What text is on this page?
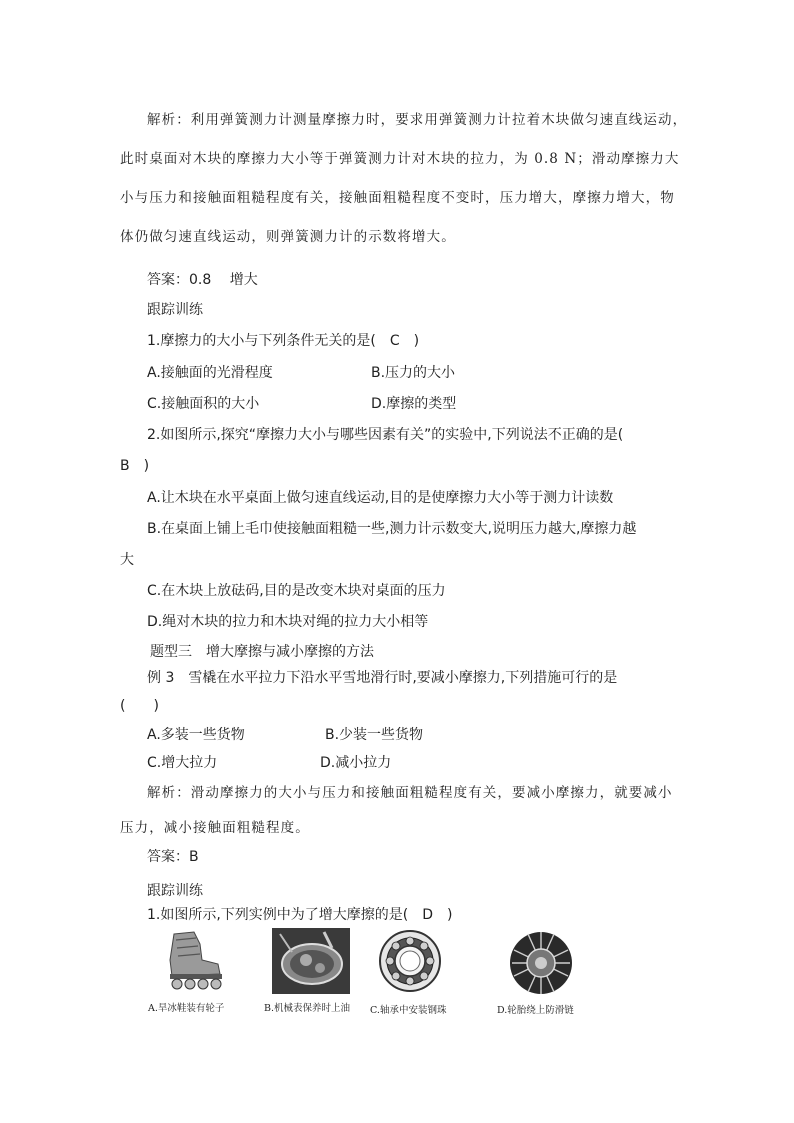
解析：利用弹簧测力计测量摩擦力时，要求用弹簧测力计拉着木块做匀速直线运动，
此时桌面对木块的摩擦力大小等于弹簧测力计对木块的拉力，为 0.8 N；滑动摩擦力大
小与压力和接触面粗糙程度有关，接触面粗糙程度不变时，压力增大，摩擦力增大，物
体仍做匀速直线运动，则弹簧测力计的示数将增大。
答案：0.8　 增大
跟踪训练
1.摩擦力的大小与下列条件无关的是(　C　)
A.接触面的光滑程度	B.压力的大小
C.接触面积的大小	D.摩擦的类型
2.如图所示,探究“摩擦力大小与哪些因素有关”的实验中,下列说法不正确的是(
B　)
A.让木块在水平桌面上做匀速直线运动,目的是使摩擦力大小等于测力计读数
B.在桌面上铺上毛巾使接触面粗糙一些,测力计示数变大,说明压力越大,摩擦力越
大
C.在木块上放砝码,目的是改变木块对桌面的压力
D.绳对木块的拉力和木块对绳的拉力大小相等
题型三　增大摩擦与减小摩擦的方法
例 3　雪橇在水平拉力下沿水平雪地滑行时,要减小摩擦力,下列措施可行的是
(　　)
A.多装一些货物	B.少装一些货物
C.增大拉力	D.减小拉力
解析：滑动摩擦力的大小与压力和接触面粗糙程度有关，要减小摩擦力，就要减小
压力，减小接触面粗糙程度。
答案：B
跟踪训练
1.如图所示,下列实例中为了增大摩擦的是(　D　)
A.旱冰鞋装有轮子	B.机械表保养时上油 C.轴承中安装钢珠	D.轮胎绕上防滑链
